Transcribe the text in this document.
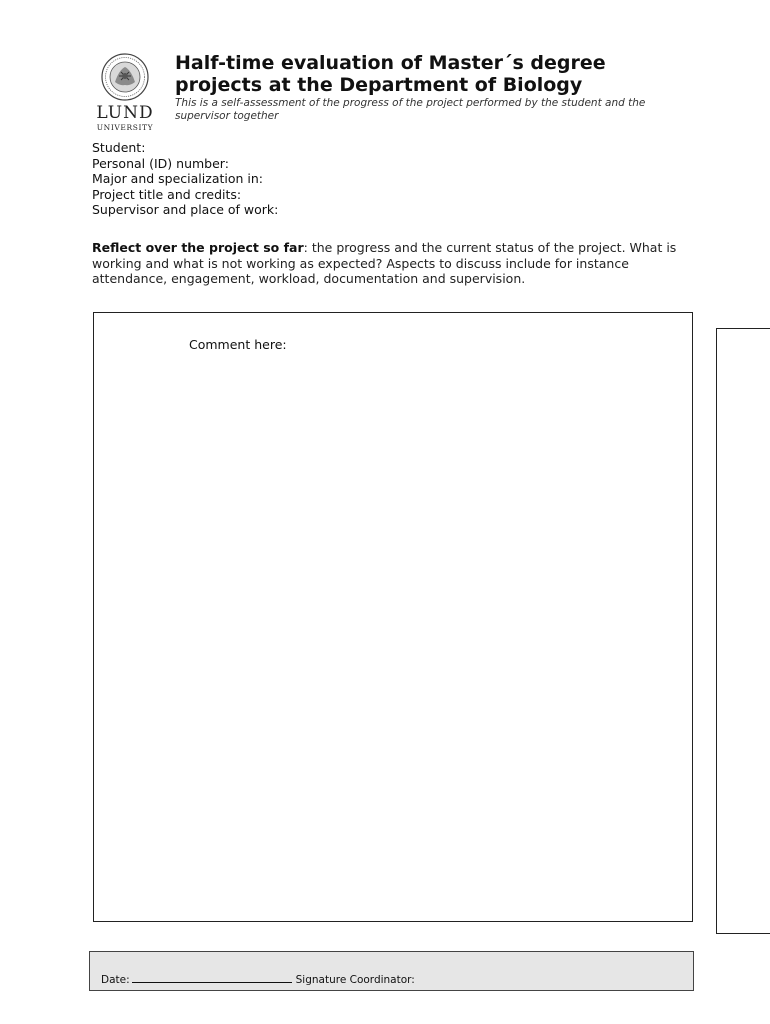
LUND
UNIVERSITY
Half-time evaluation of Master´s degree projects at the Department of Biology
This is a self-assessment of the progress of the project performed by the student and the supervisor together
Student:
Personal (ID) number:
Major and specialization in:
Project title and credits:
Supervisor and place of work:
Reflect over the project so far: the progress and the current status of the project. What is working and what is not working as expected? Aspects to discuss include for instance attendance, engagement, workload, documentation and supervision.
Comment here:
Date:	Signature Coordinator:
